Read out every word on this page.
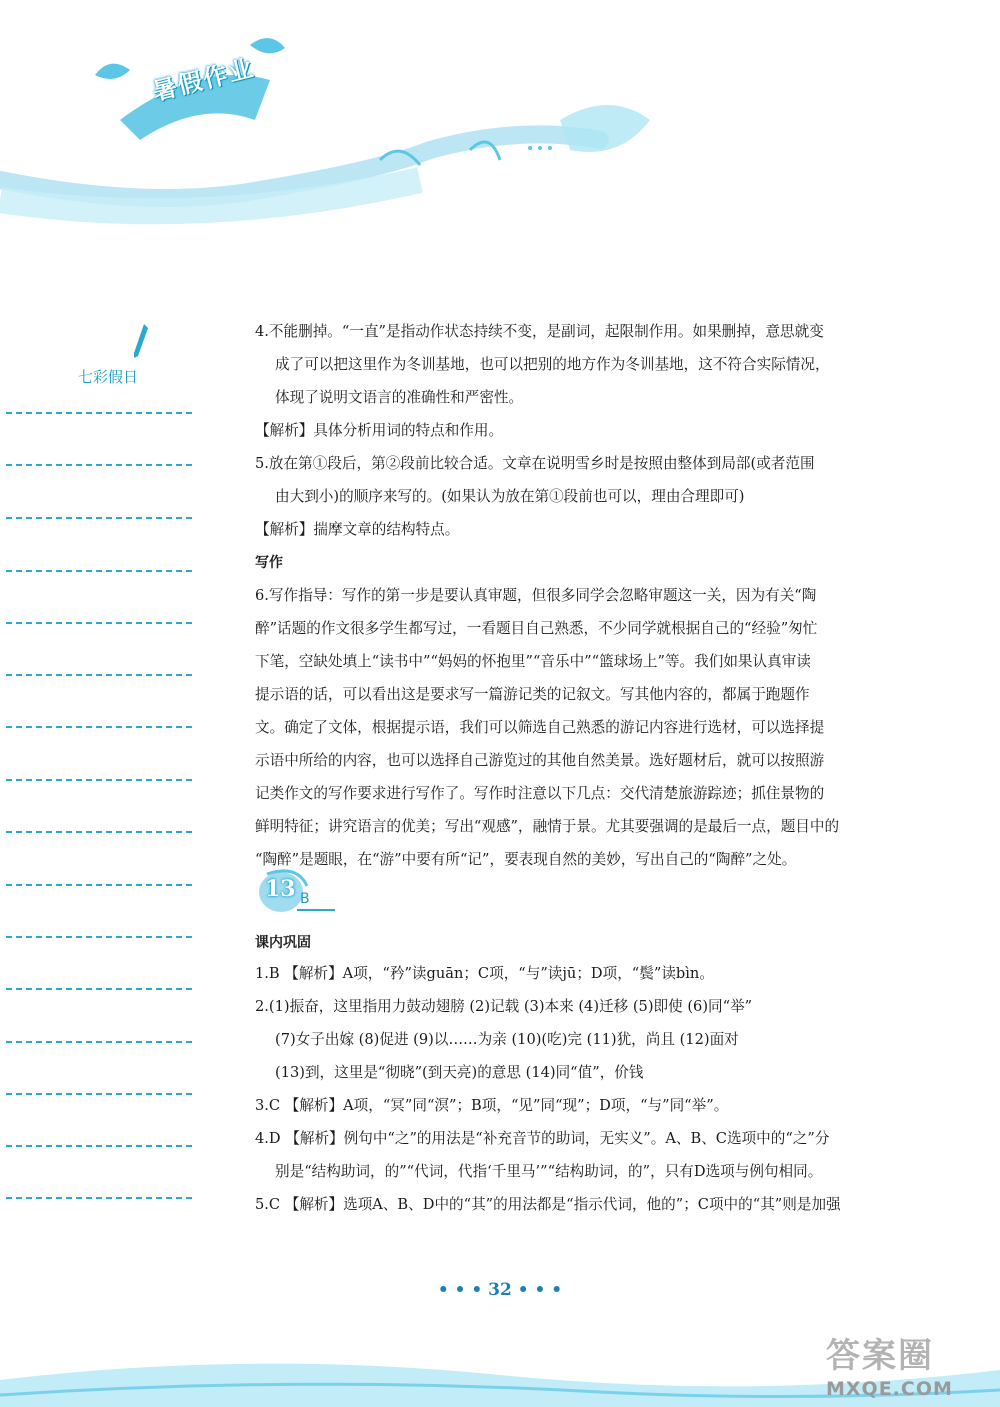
暑假作业
七彩假日
4.不能删掉。“一直”是指动作状态持续不变，是副词，起限制作用。如果删掉，意思就变
成了可以把这里作为冬训基地，也可以把别的地方作为冬训基地，这不符合实际情况，
体现了说明文语言的准确性和严密性。
【解析】具体分析用词的特点和作用。
5.放在第①段后，第②段前比较合适。文章在说明雪乡时是按照由整体到局部(或者范围
由大到小)的顺序来写的。(如果认为放在第①段前也可以，理由合理即可)
【解析】揣摩文章的结构特点。
写作
6.写作指导：写作的第一步是要认真审题，但很多同学会忽略审题这一关，因为有关“陶
醉”话题的作文很多学生都写过，一看题目自己熟悉，不少同学就根据自己的“经验”匆忙
下笔，空缺处填上“读书中”“妈妈的怀抱里”“音乐中”“篮球场上”等。我们如果认真审读
提示语的话，可以看出这是要求写一篇游记类的记叙文。写其他内容的，都属于跑题作
文。确定了文体，根据提示语，我们可以筛选自己熟悉的游记内容进行选材，可以选择提
示语中所给的内容，也可以选择自己游览过的其他自然美景。选好题材后，就可以按照游
记类作文的写作要求进行写作了。写作时注意以下几点：交代清楚旅游踪迹；抓住景物的
鲜明特征；讲究语言的优美；写出“观感”，融情于景。尤其要强调的是最后一点，题目中的
“陶醉”是题眼，在“游”中要有所“记”，要表现自然的美妙，写出自己的“陶醉”之处。
课内巩固
1.B 【解析】A项，“矜”读guān；C项，“与”读jū；D项，“鬓”读bìn。
2.(1)振奋，这里指用力鼓动翅膀 (2)记载 (3)本来 (4)迁移 (5)即使 (6)同“举”
(7)女子出嫁 (8)促进 (9)以……为亲 (10)(吃)完 (11)犹，尚且 (12)面对
(13)到，这里是“彻晓”(到天亮)的意思 (14)同“值”，价钱
3.C 【解析】A项，“冥”同“溟”；B项，“见”同“现”；D项，“与”同“举”。
4.D 【解析】例句中“之”的用法是“补充音节的助词，无实义”。A、B、C选项中的“之”分
别是“结构助词，的”“代词，代指‘千里马’”“结构助词，的”，只有D选项与例句相同。
5.C 【解析】选项A、B、D中的“其”的用法都是“指示代词，他的”；C项中的“其”则是加强
13 B
• • • 32 • • •
答案圈
MXQE.COM
